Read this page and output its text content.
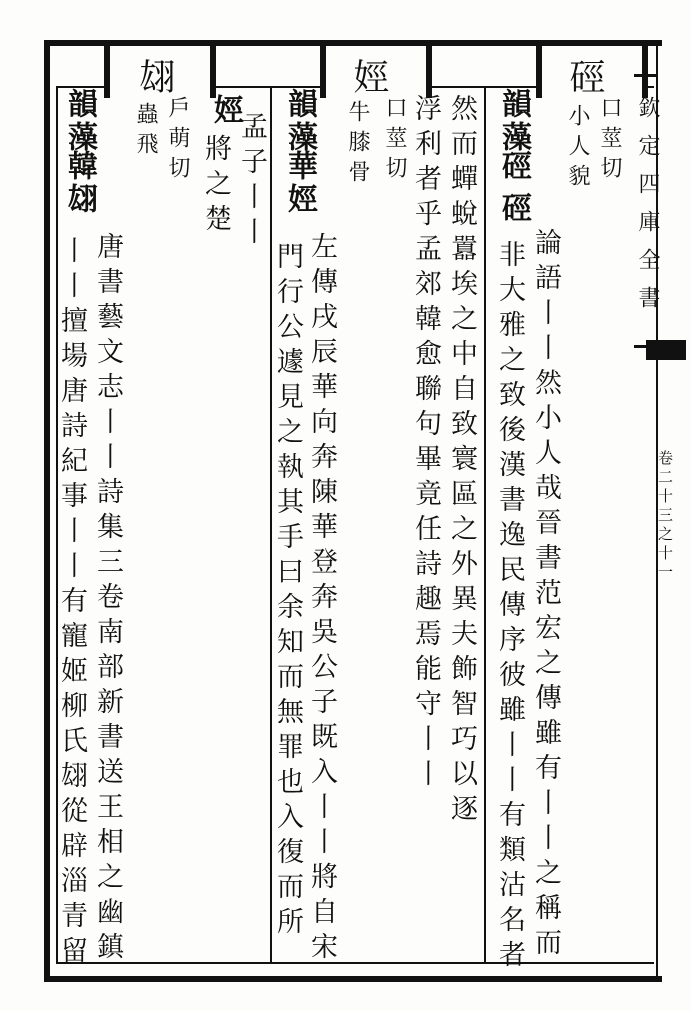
欽定四庫全書
卷二十三之十一
硜
口莖切
小人貌
娙
口莖切
牛膝骨
翃
戶萌切
蟲飛	韻藻
硜
硜
論語丨丨然小人哉晉書范宏之傳雖有丨丨之稱而
非大雅之致後漢書逸民傳序彼雖丨丨有類沽名者
然而蟬蛻囂埃之中自致寰區之外異夫飾智巧以逐
浮利者乎孟郊韓愈聯句畢竟任詩趣焉能守丨丨
韻藻
華娙
左傳戌辰華向奔陳華登奔吳公子既入丨丨將自宋
門行公遽見之執其手曰余知而無罪也入復而所
娙
孟子丨丨
將之楚
韻藻
韓翃
唐書藝文志丨丨詩集三卷南部新書送王相之幽鎮
丨丨擅場唐詩紀事丨丨有寵姬柳氏翃從辟淄青留
